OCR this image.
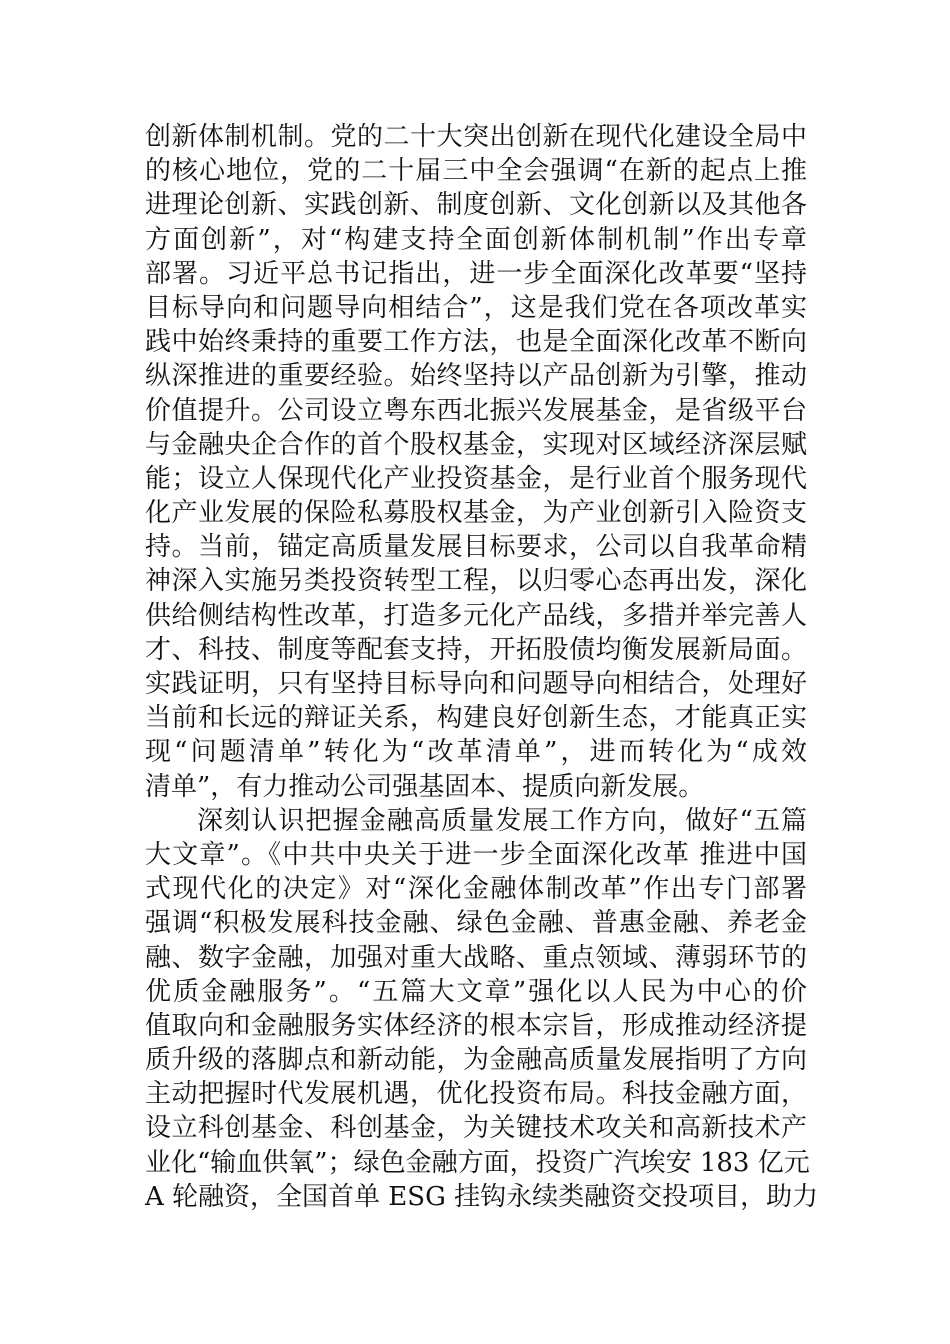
创新体制机制。党的二十大突出创新在现代化建设全局中
的核心地位，党的二十届三中全会强调“在新的起点上推
进理论创新、实践创新、制度创新、文化创新以及其他各
方面创新”，对“构建支持全面创新体制机制”作出专章
部署。习近平总书记指出，进一步全面深化改革要“坚持
目标导向和问题导向相结合”，这是我们党在各项改革实
践中始终秉持的重要工作方法，也是全面深化改革不断向
纵深推进的重要经验。始终坚持以产品创新为引擎，推动
价值提升。公司设立粤东西北振兴发展基金，是省级平台
与金融央企合作的首个股权基金，实现对区域经济深层赋
能；设立人保现代化产业投资基金，是行业首个服务现代
化产业发展的保险私募股权基金，为产业创新引入险资支
持。当前，锚定高质量发展目标要求，公司以自我革命精
神深入实施另类投资转型工程，以归零心态再出发，深化
供给侧结构性改革，打造多元化产品线，多措并举完善人
才、科技、制度等配套支持，开拓股债均衡发展新局面。
实践证明，只有坚持目标导向和问题导向相结合，处理好
当前和长远的辩证关系，构建良好创新生态，才能真正实
现“问题清单”转化为“改革清单”，进而转化为“成效
清单”，有力推动公司强基固本、提质向新发展。
深刻认识把握金融高质量发展工作方向，做好“五篇
大文章”。《中共中央关于进一步全面深化改革 推进中国
式现代化的决定》对“深化金融体制改革”作出专门部署
强调“积极发展科技金融、绿色金融、普惠金融、养老金
融、数字金融，加强对重大战略、重点领域、薄弱环节的
优质金融服务”。“五篇大文章”强化以人民为中心的价
值取向和金融服务实体经济的根本宗旨，形成推动经济提
质升级的落脚点和新动能，为金融高质量发展指明了方向
主动把握时代发展机遇，优化投资布局。科技金融方面，
设立科创基金、科创基金，为关键技术攻关和高新技术产
业化“输血供氧”；绿色金融方面，投资广汽埃安 183 亿元
A 轮融资，全国首单 ESG 挂钩永续类融资交投项目，助力
